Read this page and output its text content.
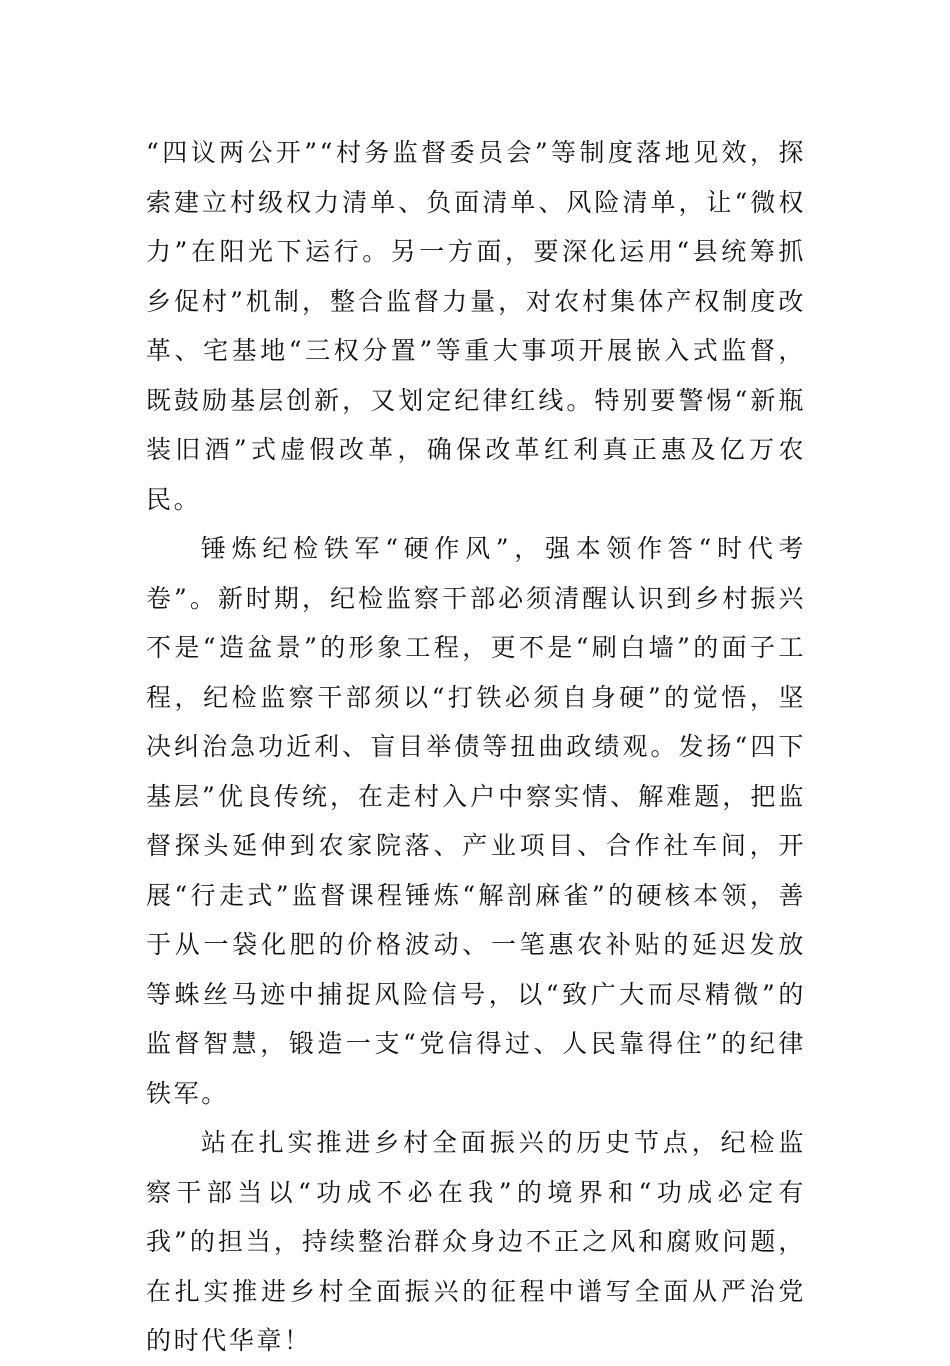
“四议两公开”“村务监督委员会”等制度落地见效，探索建立村级权力清单、负面清单、风险清单，让“微权力”在阳光下运行。另一方面，要深化运用“县统筹抓乡促村”机制，整合监督力量，对农村集体产权制度改革、宅基地“三权分置”等重大事项开展嵌入式监督，既鼓励基层创新，又划定纪律红线。特别要警惕“新瓶装旧酒”式虚假改革，确保改革红利真正惠及亿万农民。

锤炼纪检铁军“硬作风”，强本领作答“时代考卷”。新时期，纪检监察干部必须清醒认识到乡村振兴不是“造盆景”的形象工程，更不是“刷白墙”的面子工程，纪检监察干部须以“打铁必须自身硬”的觉悟，坚决纠治急功近利、盲目举债等扭曲政绩观。发扬“四下基层”优良传统，在走村入户中察实情、解难题，把监督探头延伸到农家院落、产业项目、合作社车间，开展“行走式”监督课程锤炼“解剖麻雀”的硬核本领，善于从一袋化肥的价格波动、一笔惠农补贴的延迟发放等蛛丝马迹中捕捉风险信号，以“致广大而尽精微”的监督智慧，锻造一支“党信得过、人民靠得住”的纪律铁军。

站在扎实推进乡村全面振兴的历史节点，纪检监察干部当以“功成不必在我”的境界和“功成必定有我”的担当，持续整治群众身边不正之风和腐败问题，在扎实推进乡村全面振兴的征程中谱写全面从严治党的时代华章！
